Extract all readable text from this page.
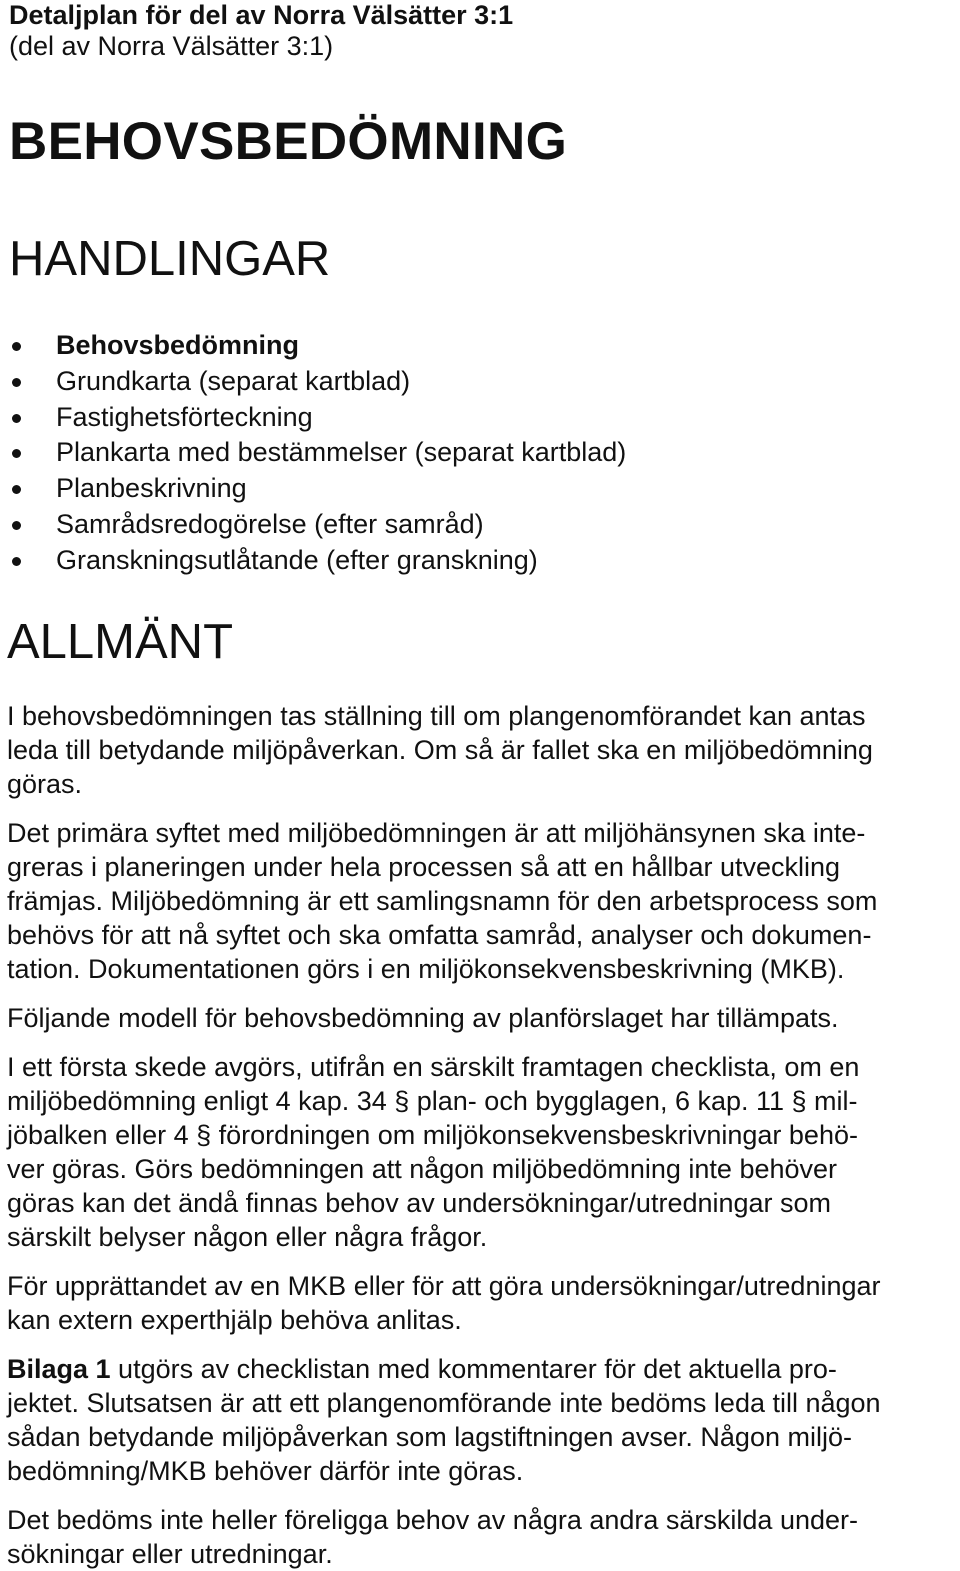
Detaljplan för del av Norra Välsätter 3:1
(del av Norra Välsätter 3:1)
BEHOVSBEDÖMNING
HANDLINGAR
Behovsbedömning
Grundkarta (separat kartblad)
Fastighetsförteckning
Plankarta med bestämmelser (separat kartblad)
Planbeskrivning
Samrådsredogörelse (efter samråd)
Granskningsutlåtande (efter granskning)
ALLMÄNT

I behovsbedömningen tas ställning till om plangenomförandet kan antas
leda till betydande miljöpåverkan. Om så är fallet ska en miljöbedömning
göras.

Det primära syftet med miljöbedömningen är att miljöhänsynen ska inte-
greras i planeringen under hela processen så att en hållbar utveckling
främjas. Miljöbedömning är ett samlingsnamn för den arbetsprocess som
behövs för att nå syftet och ska omfatta samråd, analyser och dokumen-
tation. Dokumentationen görs i en miljökonsekvensbeskrivning (MKB).

Följande modell för behovsbedömning av planförslaget har tillämpats.

I ett första skede avgörs, utifrån en särskilt framtagen checklista, om en
miljöbedömning enligt 4 kap. 34 § plan- och bygglagen, 6 kap. 11 § mil-
jöbalken eller 4 § förordningen om miljökonsekvensbeskrivningar behö-
ver göras. Görs bedömningen att någon miljöbedömning inte behöver
göras kan det ändå finnas behov av undersökningar/utredningar som
särskilt belyser någon eller några frågor.

För upprättandet av en MKB eller för att göra undersökningar/utredningar
kan extern experthjälp behöva anlitas.

Bilaga 1 utgörs av checklistan med kommentarer för det aktuella pro-
jektet. Slutsatsen är att ett plangenomförande inte bedöms leda till någon
sådan betydande miljöpåverkan som lagstiftningen avser. Någon miljö-
bedömning/MKB behöver därför inte göras.

Det bedöms inte heller föreligga behov av några andra särskilda under-
sökningar eller utredningar.
